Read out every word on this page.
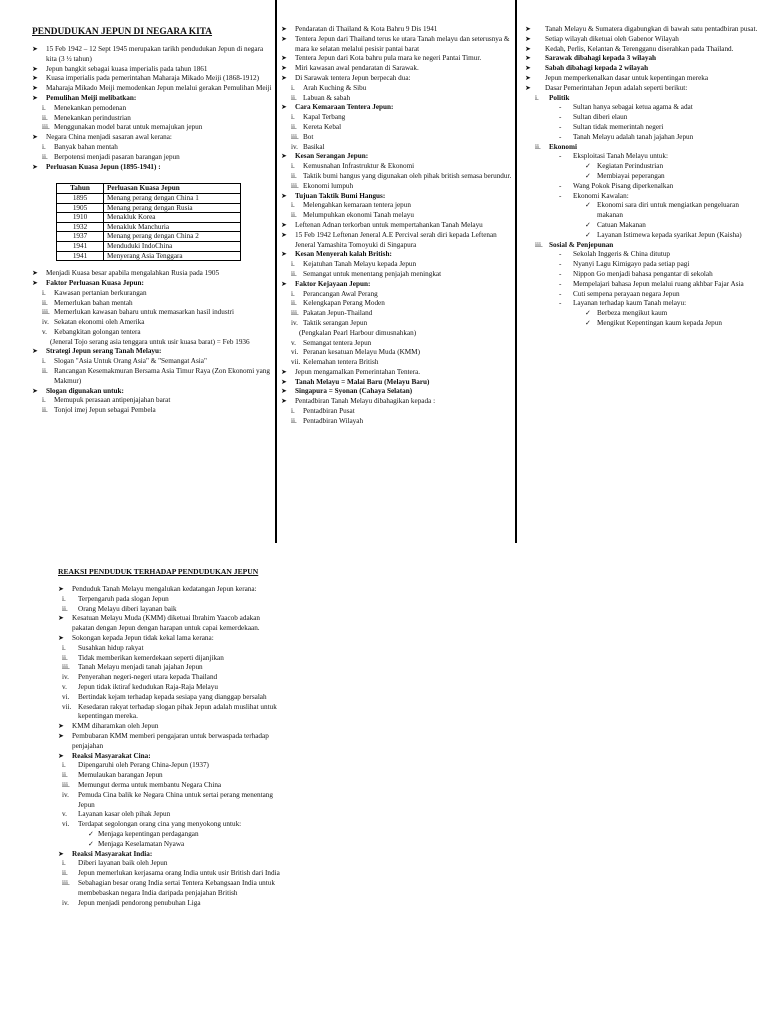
PENDUDUKAN JEPUN DI NEGARA KITA
➤	15 Feb 1942 – 12 Sept 1945 merupakan tarikh pendudukan Jepun di negara kita (3 ½ tahun)
➤	Jepun bangkit sebagai kuasa imperialis pada tahun 1861
➤	Kuasa imperialis pada pemerintahan Maharaja Mikado Meiji (1868-1912)
➤	Maharaja Mikado Meiji memodenkan Jepun melalui gerakan Pemulihan Meiji
➤	Pemulihan Meiji melibatkan:
i.	Menekankan pemodenan
ii. Menekankan perindustrian
iii. Menggunakan model barat untuk memajukan jepun
➤	Negara China menjadi sasaran awal kerana:
i.	Banyak bahan mentah
ii. Berpotensi menjadi pasaran barangan jepun
➤	Perluasan Kuasa Jepun (1895-1941) :
Tahun	Perluasan Kuasa Jepun
1895	Menang perang dengan China 1
1905	Menang perang dengan Rusia
1910	Menakluk Korea
1932	Menakluk Manchuria
1937	Menang perang dengan China 2
1941	Menduduki IndoChina
1941	Menyerang Asia Tenggara
➤	Menjadi Kuasa besar apabila mengalahkan Rusia pada 1905
➤	Faktor Perluasan Kuasa Jepun:
i.	Kawasan pertanian berkurangan
ii. Memerlukan bahan mentah
iii. Memerlukan kawasan baharu untuk memasarkan hasil industri
iv. Sekatan ekonomi oleh Amerika
v. Kebangkitan golongan tentera
(Jeneral Tojo serang asia tenggara untuk usir kuasa barat) = Feb 1936
➤	Strategi Jepun serang Tanah Melayu:
i.	Slogan "Asia Untuk Orang Asia" & "Semangat Asia"
ii. Rancangan Kesemakmuran Bersama Asia Timur Raya (Zon Ekonomi yang Makmur)
➤	Slogan digunakan untuk:
i.	Memupuk perasaan antipenjajahan barat
ii. Tonjol imej Jepun sebagai Pembela
➤	Pendaratan di Thailand & Kota Bahru 9 Dis 1941
➤	Tentera Jepun dari Thailand terus ke utara Tanah melayu dan seterusnya & mara ke selatan melalui pesisir pantai barat
➤	Tentera Jepun dari Kota bahru pula mara ke negeri Pantai Timur.
➤	Miri kawasan awal pendaratan di Sarawak.
➤	Di Sarawak tentera Jepun berpecah dua:
i.	Arah Kuching & Sibu
ii. Labuan & sabah
➤	Cara Kemaraan Tentera Jepun:
i.	Kapal Terbang
ii. Kereta Kebal
iii. Bot
iv. Basikal
➤	Kesan Serangan Jepun:
i.	Kemusnahan Infrastruktur & Ekonomi
ii. Taktik bumi hangus yang digunakan oleh pihak british semasa berundur.
iii. Ekonomi lumpuh
➤	Tujuan Taktik Bumi Hangus:
i.	Melengahkan kemaraan tentera jepun
ii. Melumpuhkan ekonomi Tanah melayu
➤	Leftenan Adnan terkorban untuk mempertahankan Tanah Melayu
➤	15 Feb 1942 Leftenan Jeneral A.E Percival serah diri kepada Leftenan Jeneral Yamashita Tomoyuki di Singapura
➤	Kesan Menyerah kalah British:
i.	Kejatuhan Tanah Melayu kepada Jepun
ii. Semangat untuk menentang penjajah meningkat
➤	Faktor Kejayaan Jepun:
i.	Perancangan Awal Perang
ii. Kelengkapan Perang Moden
iii. Pakatan Jepun-Thailand
iv. Taktik serangan Jepun
(Pengkalan Pearl Harbour dimusnahkan)
v. Semangat tentera Jepun
vi. Peranan kesatuan Melayu Muda (KMM)
vii. Kelemahan tentera British
➤	Jepun mengamalkan Pemerintahan Tentera.
➤	Tanah Melayu = Malai Baru (Melayu Baru)
➤	Singapura = Syonan (Cahaya Selatan)
➤	Pentadbiran Tanah Melayu dibahagikan kepada :
i.	Pentadbiran Pusat
ii. Pentadbiran Wilayah
➤	Tanah Melayu & Sumatera digabungkan di bawah satu pentadbiran pusat.
➤	Setiap wilayah diketuai oleh Gabenor Wilayah
➤	Kedah, Perlis, Kelantan & Terengganu diserahkan pada Thailand.
➤	Sarawak dibahagi kepada 3 wilayah
➤	Sabah dibahagi kepada 2 wilayah
➤	Jepun memperkenalkan dasar untuk kepentingan mereka
➤	Dasar Pemerintahan Jepun adalah seperti berikut:
i.	Politik
-	Sultan hanya sebagai ketua agama & adat
-	Sultan diberi elaun
-	Sultan tidak memerintah negeri
-	Tanah Melayu adalah tanah jajahan Jepun
ii.	Ekonomi
-	Eksploitasi Tanah Melayu untuk:
✓ Kegiatan Perindustrian
✓ Membiayai peperangan
-	Wang Pokok Pisang diperkenalkan
-	Ekonomi Kawalan:
✓ Ekonomi sara diri untuk mengiatkan pengeluaran makanan
✓ Catuan Makanan
✓ Layanan Istimewa kepada syarikat Jepun (Kaisha)
iii. Sosial & Penjepunan
-	Sekolah Inggeris & China ditutup
-	Nyanyi Lagu Kimigayo pada setiap pagi
-	Nippon Go menjadi bahasa pengantar di sekolah
-	Mempelajari bahasa Jepun melalui ruang akhbar Fajar Asia
-	Cuti sempena perayaan negara Jepun
-	Layanan terhadap kaum Tanah melayu:
✓ Berbeza mengikut kaum
✓ Mengikut Kepentingan kaum kepada Jepun
REAKSI PENDUDUK TERHADAP PENDUDUKAN JEPUN
➤	Penduduk Tanah Melayu mengalukan kedatangan Jepun kerana:
i.	Terpengaruh pada slogan Jepun
ii.	Orang Melayu diberi layanan baik
➤	Kesatuan Melayu Muda (KMM) diketuai Ibrahim Yaacob adakan pakatan dengan Jepun dengan harapan untuk capai kemerdekaan.
➤	Sokongan kepada Jepun tidak kekal lama kerana:
i.	Susahkan hidup rakyat
ii.	Tidak memberikan kemerdekaan seperti dijanjikan
iii.	Tanah Melayu menjadi tanah jajahan Jepun
iv.	Penyerahan negeri-negeri utara kepada Thailand
v.	Jepun tidak iktiraf kedudukan Raja-Raja Melayu
vi.	Bertindak kejam terhadap kepada sesiapa yang dianggap bersalah
vii. Kesedaran rakyat terhadap slogan pihak Jepun adalah muslihat untuk kepentingan mereka.
➤	KMM diharamkan oleh Jepun
➤	Pembubaran KMM memberi pengajaran untuk berwaspada terhadap penjajahan
➤	Reaksi Masyarakat Cina:
i.	Dipengaruhi oleh Perang China-Jepun (1937)
ii.	Memulaukan barangan Jepun
iii.	Memungut derma untuk membantu Negara China
iv.	Pemuda Cina balik ke Negara China untuk sertai perang menentang Jepun
v.	Layanan kasar oleh pihak Jepun
vi.	Terdapat segolongan orang cina yang menyokong untuk:
✓ Menjaga kepentingan perdagangan
✓ Menjaga Keselamatan Nyawa
➤	Reaksi Masyarakat India:
i.	Diberi layanan baik oleh Jepun
ii.	Jepun memerlukan kerjasama orang India untuk usir British dari India
iii.	Sebahagian besar orang India sertai Tentera Kebangsaan India untuk membebaskan negara India daripada penjajahan British
iv.	Jepun menjadi pendorong penubuhan Liga
